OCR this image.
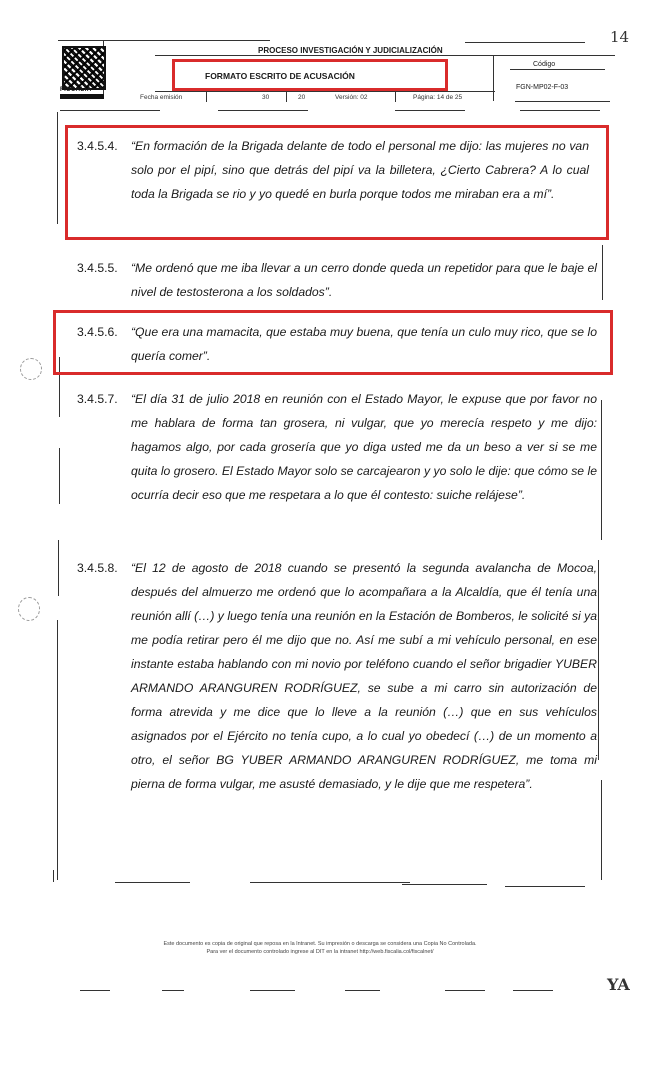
14
FISCALÍA
PROCESO INVESTIGACIÓN Y JUDICIALIZACIÓN
FORMATO ESCRITO DE ACUSACIÓN
Código
FGN-MP02-F-03
Fecha emisión	30	20	Versión: 02	Página: 14 de 25
3.4.5.4. “En formación de la Brigada delante de todo el personal me dijo: las mujeres no van solo por el pipí, sino que detrás del pipí va la billetera, ¿Cierto Cabrera? A lo cual toda la Brigada se rio y yo quedé en burla porque todos me miraban era a mí”.
3.4.5.5. “Me ordenó que me iba llevar a un cerro donde queda un repetidor para que le baje el nivel de testosterona a los soldados”.
3.4.5.6. “Que era una mamacita, que estaba muy buena, que tenía un culo muy rico, que se lo quería comer”.
3.4.5.7. “El día 31 de julio 2018 en reunión con el Estado Mayor, le expuse que por favor no me hablara de forma tan grosera, ni vulgar, que yo merecía respeto y me dijo: hagamos algo, por cada grosería que yo diga usted me da un beso a ver si se me quita lo grosero. El Estado Mayor solo se carcajearon y yo solo le dije: que cómo se le ocurría decir eso que me respetara a lo que él contesto: suiche relájese”.
3.4.5.8. “El 12 de agosto de 2018 cuando se presentó la segunda avalancha de Mocoa, después del almuerzo me ordenó que lo acompañara a la Alcaldía, que él tenía una reunión allí (…) y luego tenía una reunión en la Estación de Bomberos, le solicité si ya me podía retirar pero él me dijo que no. Así me subí a mi vehículo personal, en ese instante estaba hablando con mi novio por teléfono cuando el señor brigadier YUBER ARMANDO ARANGUREN RODRÍGUEZ, se sube a mi carro sin autorización de forma atrevida y me dice que lo lleve a la reunión (…) que en sus vehículos asignados por el Ejército no tenía cupo, a lo cual yo obedecí (…) de un momento a otro, el señor BG YUBER ARMANDO ARANGUREN RODRÍGUEZ, me toma mi pierna de forma vulgar, me asusté demasiado, y le dije que me respetera”.
Este documento es copia de original que reposa en la Intranet. Su impresión o descarga se considera una Copia No Controlada.
Para ver el documento controlado ingrese al DIT en la intranet http://web.fiscalia.col/fiscalnet/
YA
